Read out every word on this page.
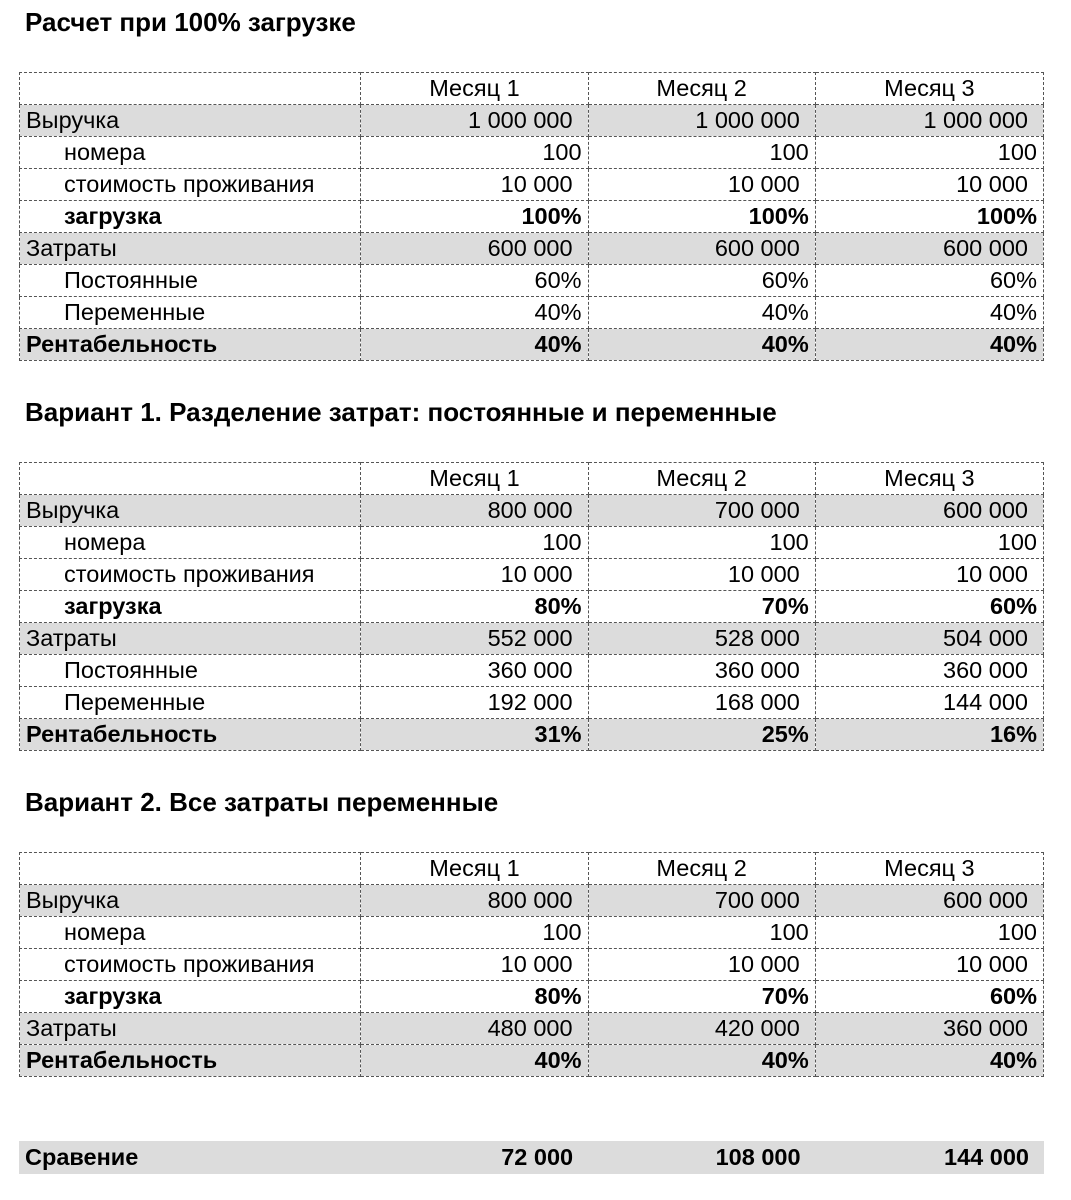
Расчет при 100% загрузке
	Месяц 1	Месяц 2	Месяц 3
Выручка	1 000 000	1 000 000	1 000 000
номера	100	100	100
стоимость проживания	10 000	10 000	10 000
загрузка	100%	100%	100%
Затраты	600 000	600 000	600 000
Постоянные	60%	60%	60%
Переменные	40%	40%	40%
Рентабельность	40%	40%	40%
Вариант 1. Разделение затрат: постоянные и переменные
	Месяц 1	Месяц 2	Месяц 3
Выручка	800 000	700 000	600 000
номера	100	100	100
стоимость проживания	10 000	10 000	10 000
загрузка	80%	70%	60%
Затраты	552 000	528 000	504 000
Постоянные	360 000	360 000	360 000
Переменные	192 000	168 000	144 000
Рентабельность	31%	25%	16%
Вариант 2. Все затраты переменные
	Месяц 1	Месяц 2	Месяц 3
Выручка	800 000	700 000	600 000
номера	100	100	100
стоимость проживания	10 000	10 000	10 000
загрузка	80%	70%	60%
Затраты	480 000	420 000	360 000
Рентабельность	40%	40%	40%
Сравение	72 000	108 000	144 000
